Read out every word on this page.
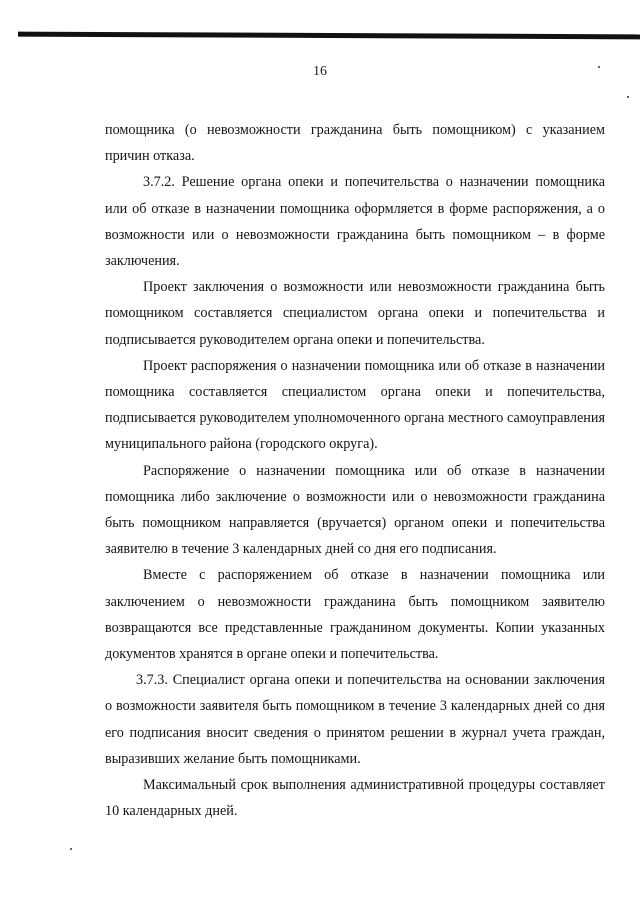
16

помощника (о невозможности гражданина быть помощником) с указанием причин отказа.

3.7.2. Решение органа опеки и попечительства о назначении помощника или об отказе в назначении помощника оформляется в форме распоряжения, а о возможности или о невозможности гражданина быть помощником – в форме заключения.

Проект заключения о возможности или невозможности гражданина быть помощником составляется специалистом органа опеки и попечительства и подписывается руководителем органа опеки и попечительства.

Проект распоряжения о назначении помощника или об отказе в назначении помощника составляется специалистом органа опеки и попечительства, подписывается руководителем уполномоченного органа местного самоуправления муниципального района (городского округа).

Распоряжение о назначении помощника или об отказе в назначении помощника либо заключение о возможности или о невозможности гражданина быть помощником направляется (вручается) органом опеки и попечительства заявителю в течение 3 календарных дней со дня его подписания.

Вместе с распоряжением об отказе в назначении помощника или заключением о невозможности гражданина быть помощником заявителю возвращаются все представленные гражданином документы. Копии указанных документов хранятся в органе опеки и попечительства.

3.7.3. Специалист органа опеки и попечительства на основании заключения о возможности заявителя быть помощником в течение 3 календарных дней со дня его подписания вносит сведения о принятом решении в журнал учета граждан, выразивших желание быть помощниками.

Максимальный срок выполнения административной процедуры составляет 10 календарных дней.
